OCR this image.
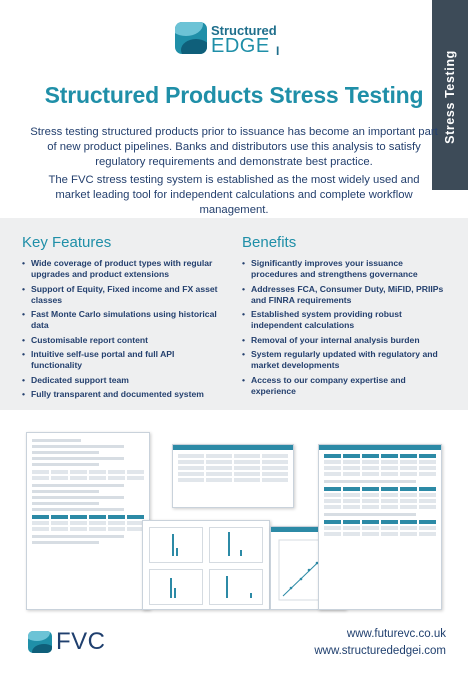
Stress Testing
Structured
EDGE I
Structured Products Stress Testing

Stress testing structured products prior to issuance has become an important part of new product pipelines. Banks and distributors use this analysis to satisfy regulatory requirements and demonstrate best practice.

The FVC stress testing system is established as the most widely used and market leading tool for independent calculations and complete workflow management.

Key Features
• Wide coverage of product types with regular upgrades and product extensions
• Support of Equity, Fixed income and FX asset classes
• Fast Monte Carlo simulations using historical data
• Customisable report content
• Intuitive self-use portal and full API functionality
• Dedicated support team
• Fully transparent and documented system
Benefits
• Significantly improves your issuance procedures and strengthens governance
• Addresses FCA, Consumer Duty, MiFID, PRIIPs and FINRA requirements
• Established system providing robust independent calculations
• Removal of your internal analysis burden
• System regularly updated with regulatory and market developments
• Access to our company expertise and experience
FVC	www.futurevc.co.uk
www.structurededgei.com
